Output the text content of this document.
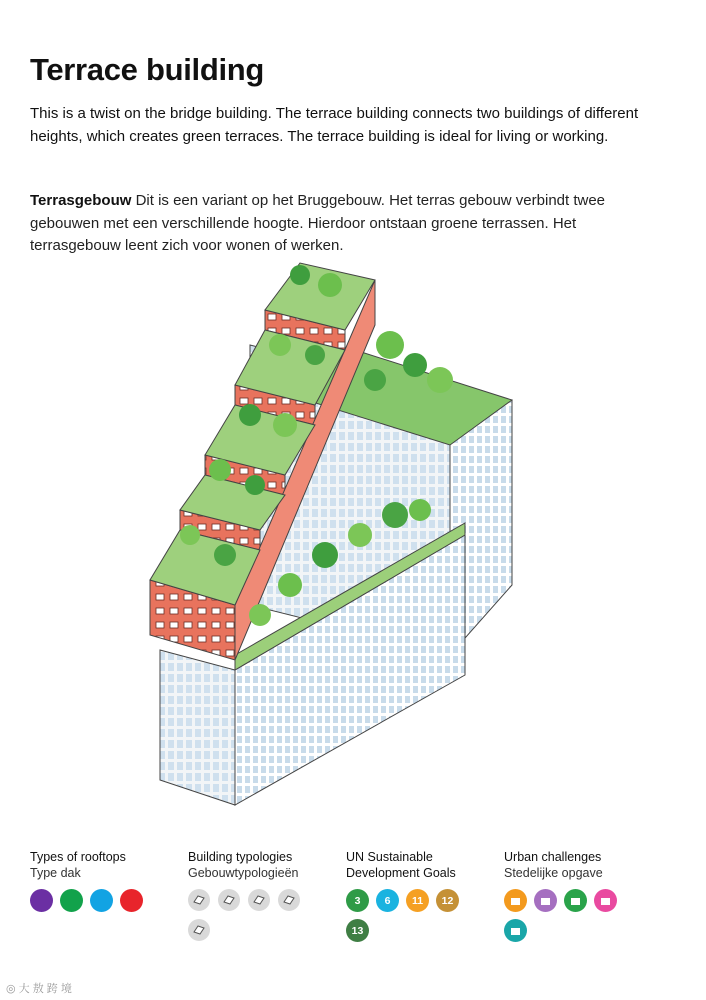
Terrace building

This is a twist on the bridge building. The terrace building connects two buildings of different heights, which creates green terraces. The terrace building is ideal for living or working.

Terrasgebouw Dit is een variant op het Bruggebouw. Het terras gebouw verbindt twee gebouwen met een verschillende hoogte. Hierdoor ontstaan groene terrassen. Het terrasgebouw leent zich voor wonen of werken.

Types of rooftops
Type dak
Building typologies
Gebouwtypologieën
UN Sustainable
Development Goals
3	6	11	12
13
Urban challenges
Stedelijke opgave
◎ 大 敖 跨 境
